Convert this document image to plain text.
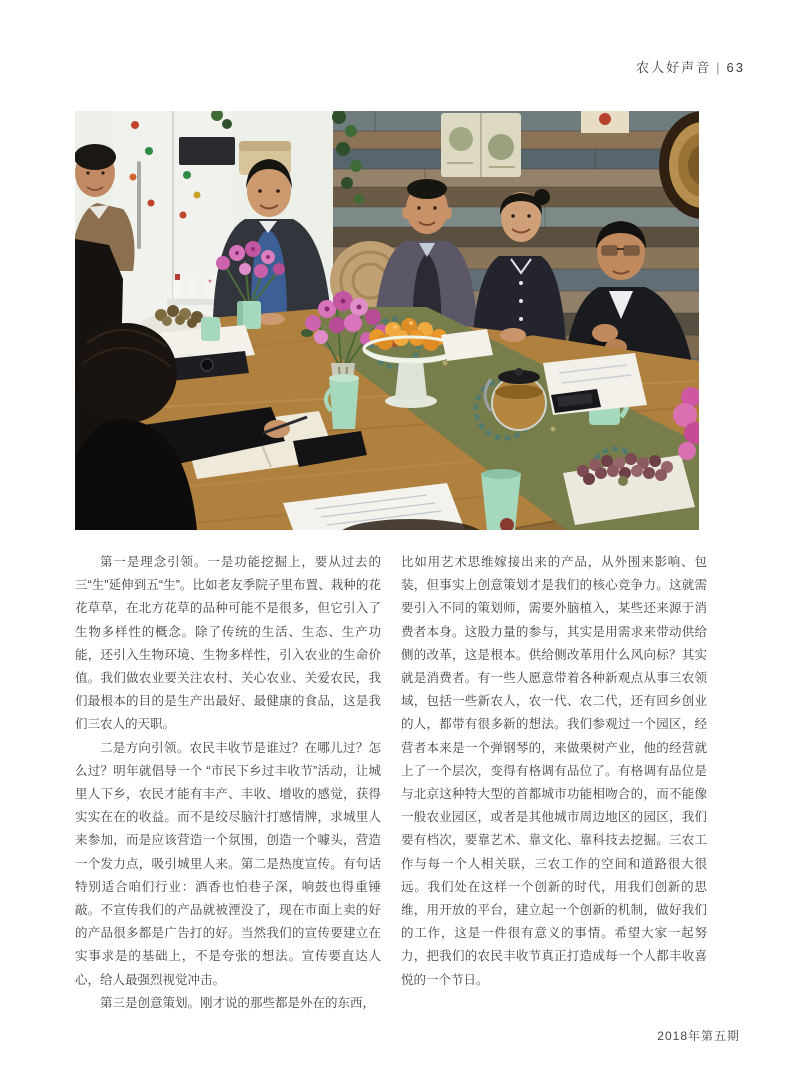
农人好声音 | 63

第一是理念引领。一是功能挖掘上，要从过去的三“生”延伸到五“生”。比如老友季院子里布置、栽种的花花草草，在北方花草的品种可能不是很多，但它引入了生物多样性的概念。除了传统的生活、生态、生产功能，还引入生物环境、生物多样性，引入农业的生命价值。我们做农业要关注农村、关心农业、关爱农民，我们最根本的目的是生产出最好、最健康的食品，这是我们三农人的天职。

二是方向引领。农民丰收节是谁过？在哪儿过？怎么过？明年就倡导一个 “市民下乡过丰收节”活动，让城里人下乡，农民才能有丰产、丰收、增收的感觉，获得实实在在的收益。而不是绞尽脑汁打感情牌，求城里人来参加，而是应该营造一个氛围，创造一个噱头，营造一个发力点，吸引城里人来。第二是热度宣传。有句话特别适合咱们行业：酒香也怕巷子深，响鼓也得重锤敲。不宣传我们的产品就被湮没了，现在市面上卖的好的产品很多都是广告打的好。当然我们的宣传要建立在实事求是的基础上，不是夸张的想法。宣传要直达人心，给人最强烈视觉冲击。

第三是创意策划。刚才说的那些都是外在的东西，

比如用艺术思维嫁接出来的产品，从外围来影响、包装，但事实上创意策划才是我们的核心竞争力。这就需要引入不同的策划师，需要外脑植入，某些还来源于消费者本身。这股力量的参与，其实是用需求来带动供给侧的改革，这是根本。供给侧改革用什么风向标？其实就是消费者。有一些人愿意带着各种新观点从事三农领域，包括一些新农人，农一代、农二代，还有回乡创业的人，都带有很多新的想法。我们参观过一个园区，经营者本来是一个弹钢琴的，来做栗树产业，他的经营就上了一个层次，变得有格调有品位了。有格调有品位是与北京这种特大型的首都城市功能相吻合的，而不能像一般农业园区，或者是其他城市周边地区的园区，我们要有档次，要靠艺术、靠文化、靠科技去挖掘。三农工作与每一个人相关联，三农工作的空间和道路很大很远。我们处在这样一个创新的时代，用我们创新的思维，用开放的平台，建立起一个创新的机制，做好我们的工作，这是一件很有意义的事情。希望大家一起努力，把我们的农民丰收节真正打造成每一个人都丰收喜悦的一个节日。

2018年第五期
